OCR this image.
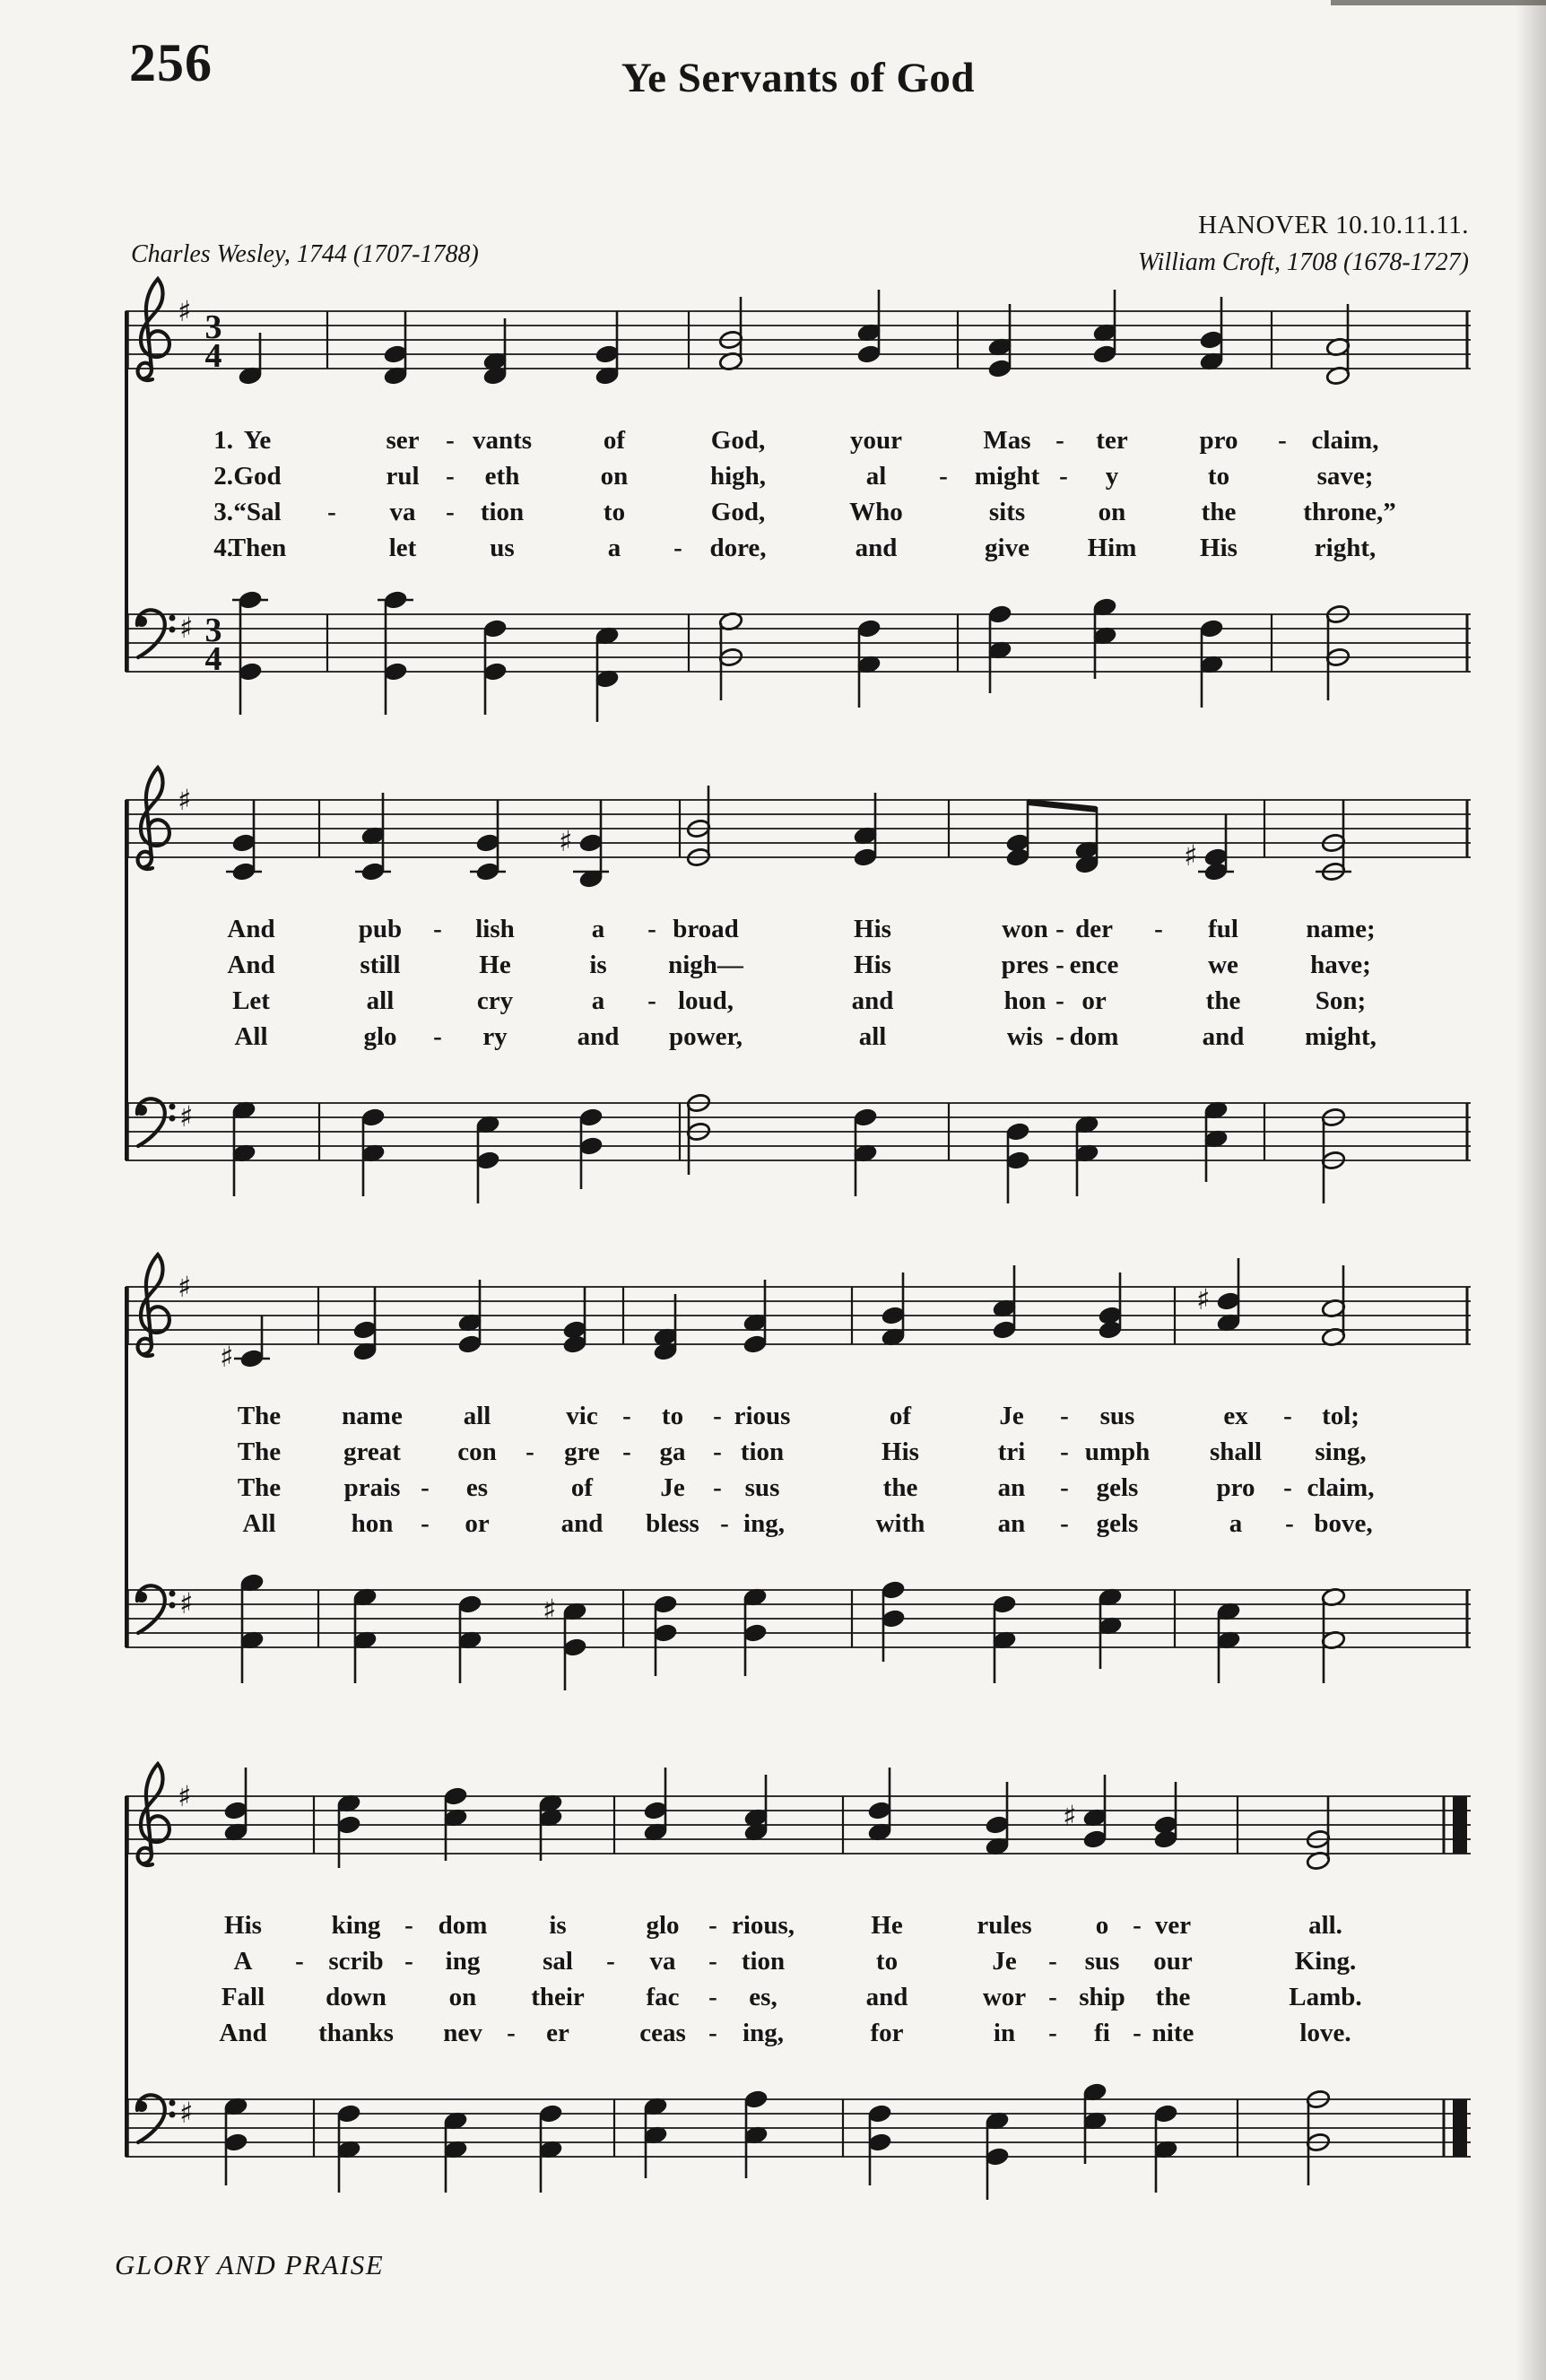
256	Ye Servants of God
Charles Wesley, 1744 (1707-1788)
HANOVER 10.10.11.11.
William Croft, 1708 (1678-1727)
♯ 3
4
1. Ye	ser - vants	of	God,	your	Mas - ter	pro - claim,
2. God	rul - eth	on	high,	al - might - y	to	save;
3. “Sal - va - tion	to	God,	Who	sits	on	the	throne,”
4.
Then	let	us	a - dore,	and	give Him His	right,
♯ 3
4
♯
♯	♯
And	pub - lish	a - broad	His	won - der - ful	name;
And	still	He	is nigh—	His	pres - ence	we	have;
Let	all	cry	a - loud,	and	hon - or	the	Son;
All	glo - ry	and power,	all	wis - dom	and might,
♯
♯
♯
♯
The name all	vic - to - rious	of	Je - sus	ex - tol;
The great con - gre - ga - tion	His	tri - umph shall sing,
The prais - es	of	Je - sus	the	an - gels	pro - claim,
All	hon - or	and bless - ing,	with	an - gels	a - bove,
♯	♯
♯
♯
His	king - dom is	glo - rious,	He	rules o - ver	all.
A - scrib - ing sal - va - tion	to	Je - sus our	King.
Fall down on their fac - es,	and	wor - ship the	Lamb.
And thanks nev - er	ceas - ing,	for	in - fi - nite	love.
♯
GLORY AND PRAISE
